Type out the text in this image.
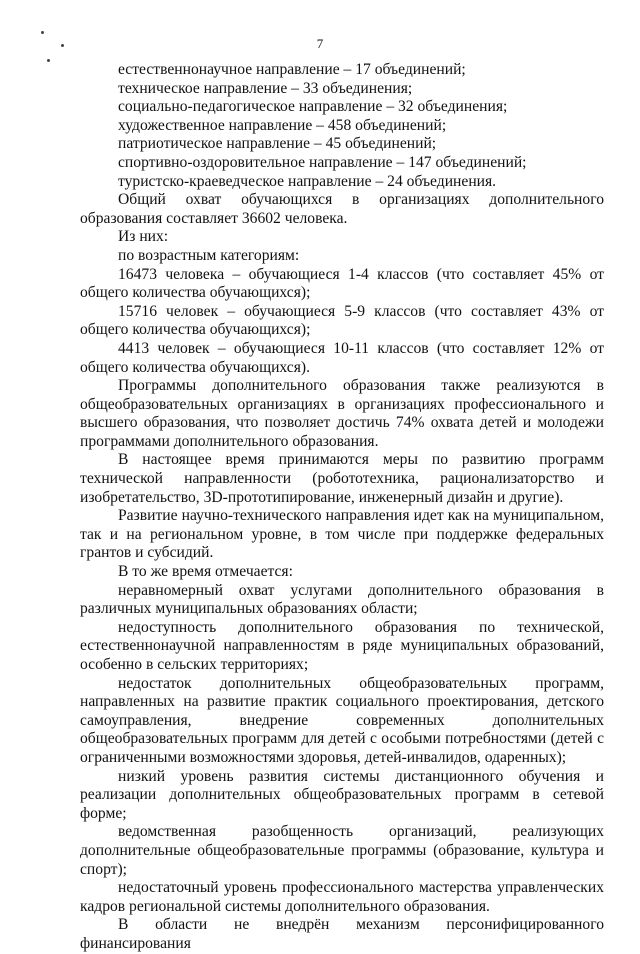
7

естественнонаучное направление – 17 объединений;

техническое направление – 33 объединения;

социально-педагогическое направление – 32 объединения;

художественное направление – 458 объединений;

патриотическое направление – 45 объединений;

спортивно-оздоровительное направление – 147 объединений;

туристско-краеведческое направление – 24 объединения.

Общий охват обучающихся в организациях дополнительного образования составляет 36602 человека.

Из них:

по возрастным категориям:

16473 человека – обучающиеся 1-4 классов (что составляет 45% от общего количества обучающихся);

15716 человек – обучающиеся 5-9 классов (что составляет 43% от общего количества обучающихся);

4413 человек – обучающиеся 10-11 классов (что составляет 12% от общего количества обучающихся).

Программы дополнительного образования также реализуются в общеобразовательных организациях в организациях профессионального и высшего образования, что позволяет достичь 74% охвата детей и молодежи программами дополнительного образования.

В настоящее время принимаются меры по развитию программ технической направленности (робототехника, рационализаторство и изобретательство, 3D-прототипирование, инженерный дизайн и другие).

Развитие научно-технического направления идет как на муниципальном, так и на региональном уровне, в том числе при поддержке федеральных грантов и субсидий.

В то же время отмечается:

неравномерный охват услугами дополнительного образования в различных муниципальных образованиях области;

недоступность дополнительного образования по технической, естественнонаучной направленностям в ряде муниципальных образований, особенно в сельских территориях;

недостаток дополнительных общеобразовательных программ, направленных на развитие практик социального проектирования, детского самоуправления, внедрение современных дополнительных общеобразовательных программ для детей с особыми потребностями (детей с ограниченными возможностями здоровья, детей-инвалидов, одаренных);

низкий уровень развития системы дистанционного обучения и реализации дополнительных общеобразовательных программ в сетевой форме;

ведомственная разобщенность организаций, реализующих дополнительные общеобразовательные программы (образование, культура и спорт);

недостаточный уровень профессионального мастерства управленческих кадров региональной системы дополнительного образования.

В области не внедрён механизм персонифицированного финансирования
